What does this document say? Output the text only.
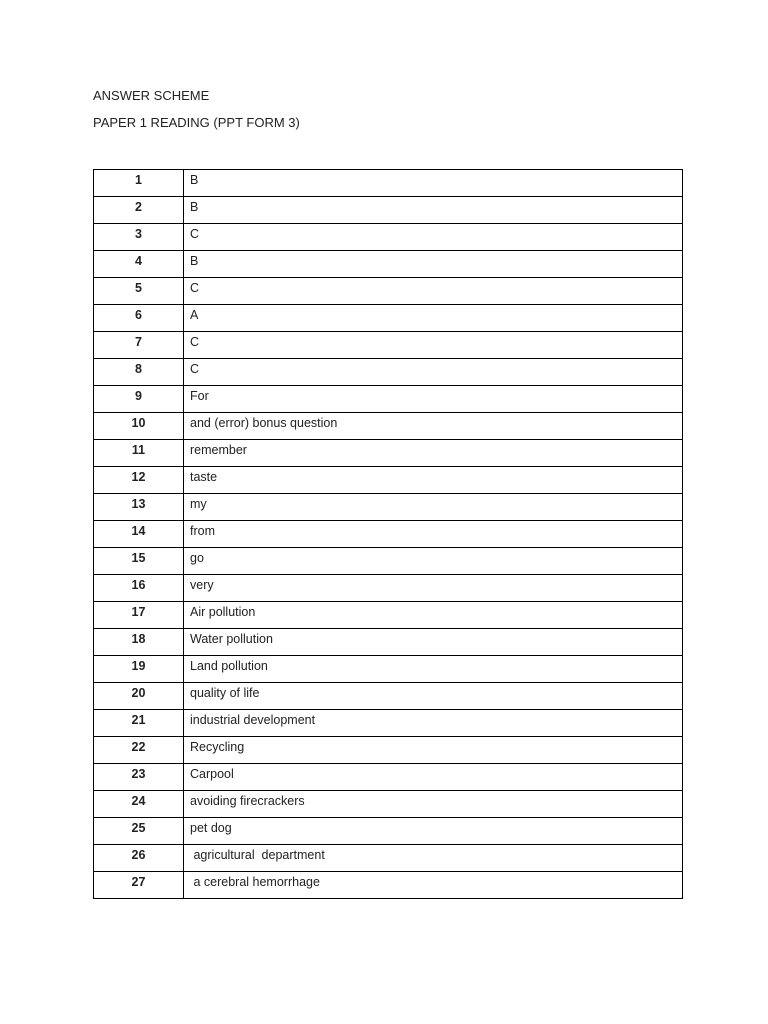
ANSWER SCHEME
PAPER 1 READING (PPT FORM 3)
1	B
2	B
3	C
4	B
5	C
6	A
7	C
8	C
9	For
10	and (error) bonus question
11	remember
12	taste
13	my
14	from
15	go
16	very
17	Air pollution
18	Water pollution
19	Land pollution
20	quality of life
21	industrial development
22	Recycling
23	Carpool
24	avoiding firecrackers
25	pet dog
26	agricultural  department
27	a cerebral hemorrhage
